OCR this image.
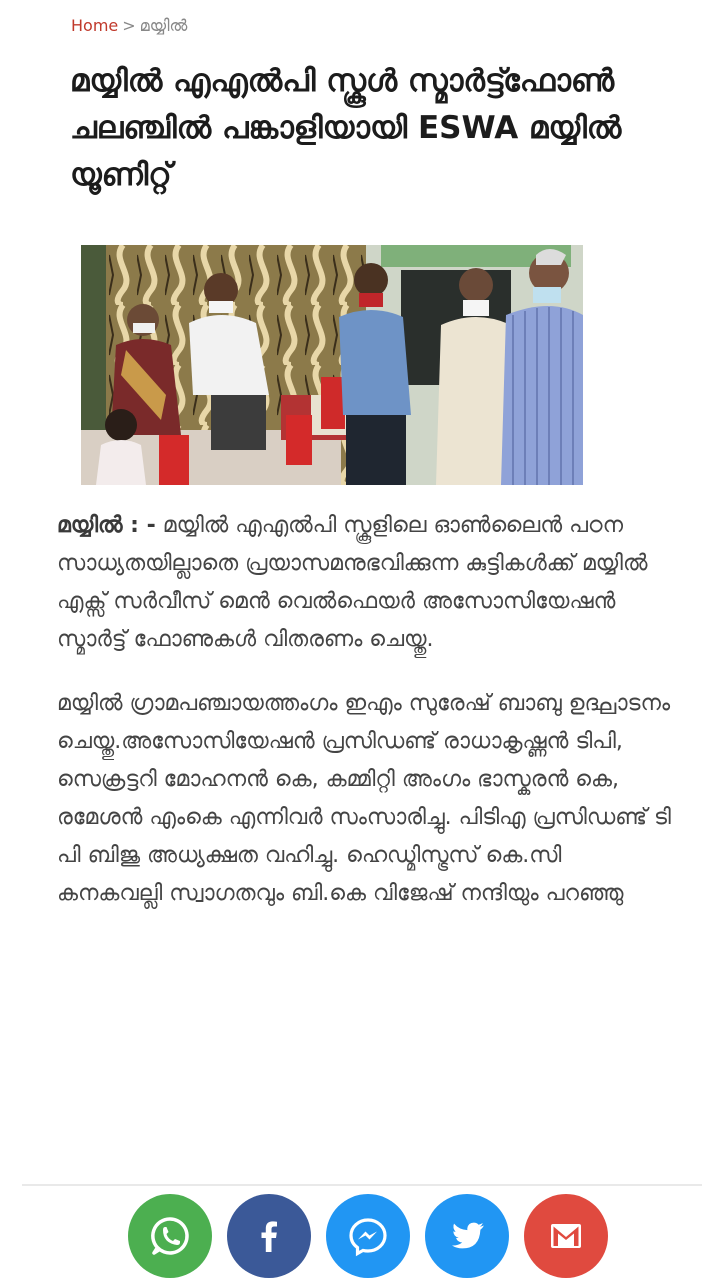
Home > മയ്യിൽ
മയ്യിൽ എഎൽപി സ്കൂൾ സ്മാർട്ട്ഫോൺ ചലഞ്ചിൽ പങ്കാളിയായി ESWA മയ്യിൽ യൂണിറ്റ്

മയ്യിൽ : - മയ്യിൽ എഎൽപി സ്കൂളിലെ ഓൺലൈൻ പഠന സാധ്യതയില്ലാതെ പ്രയാസമനുഭവിക്കുന്ന കുട്ടികൾക്ക് മയ്യിൽ എക്സ് സർവീസ് മെൻ വെൽഫെയർ അസോസിയേഷൻ സ്മാർട്ട് ഫോണുകൾ വിതരണം ചെയ്തു.

മയ്യിൽ ഗ്രാമപഞ്ചായത്തംഗം ഇഎം സുരേഷ് ബാബു ഉദ്ഘാടനം ചെയ്തു.അസോസിയേഷൻ പ്രസിഡണ്ട് രാധാകൃഷ്ണൻ ടിപി, സെക്രട്ടറി മോഹനൻ കെ, കമ്മിറ്റി അംഗം ഭാസ്കരൻ കെ, രമേശൻ എംകെ എന്നിവർ സംസാരിച്ചു. പിടിഎ പ്രസിഡണ്ട് ടി പി ബിജു അധ്യക്ഷത വഹിച്ചു. ഹെഡ്മിസ്ട്രസ് കെ.സി കനകവല്ലി സ്വാഗതവും ബി.കെ വിജേഷ് നന്ദിയും പറഞ്ഞു
